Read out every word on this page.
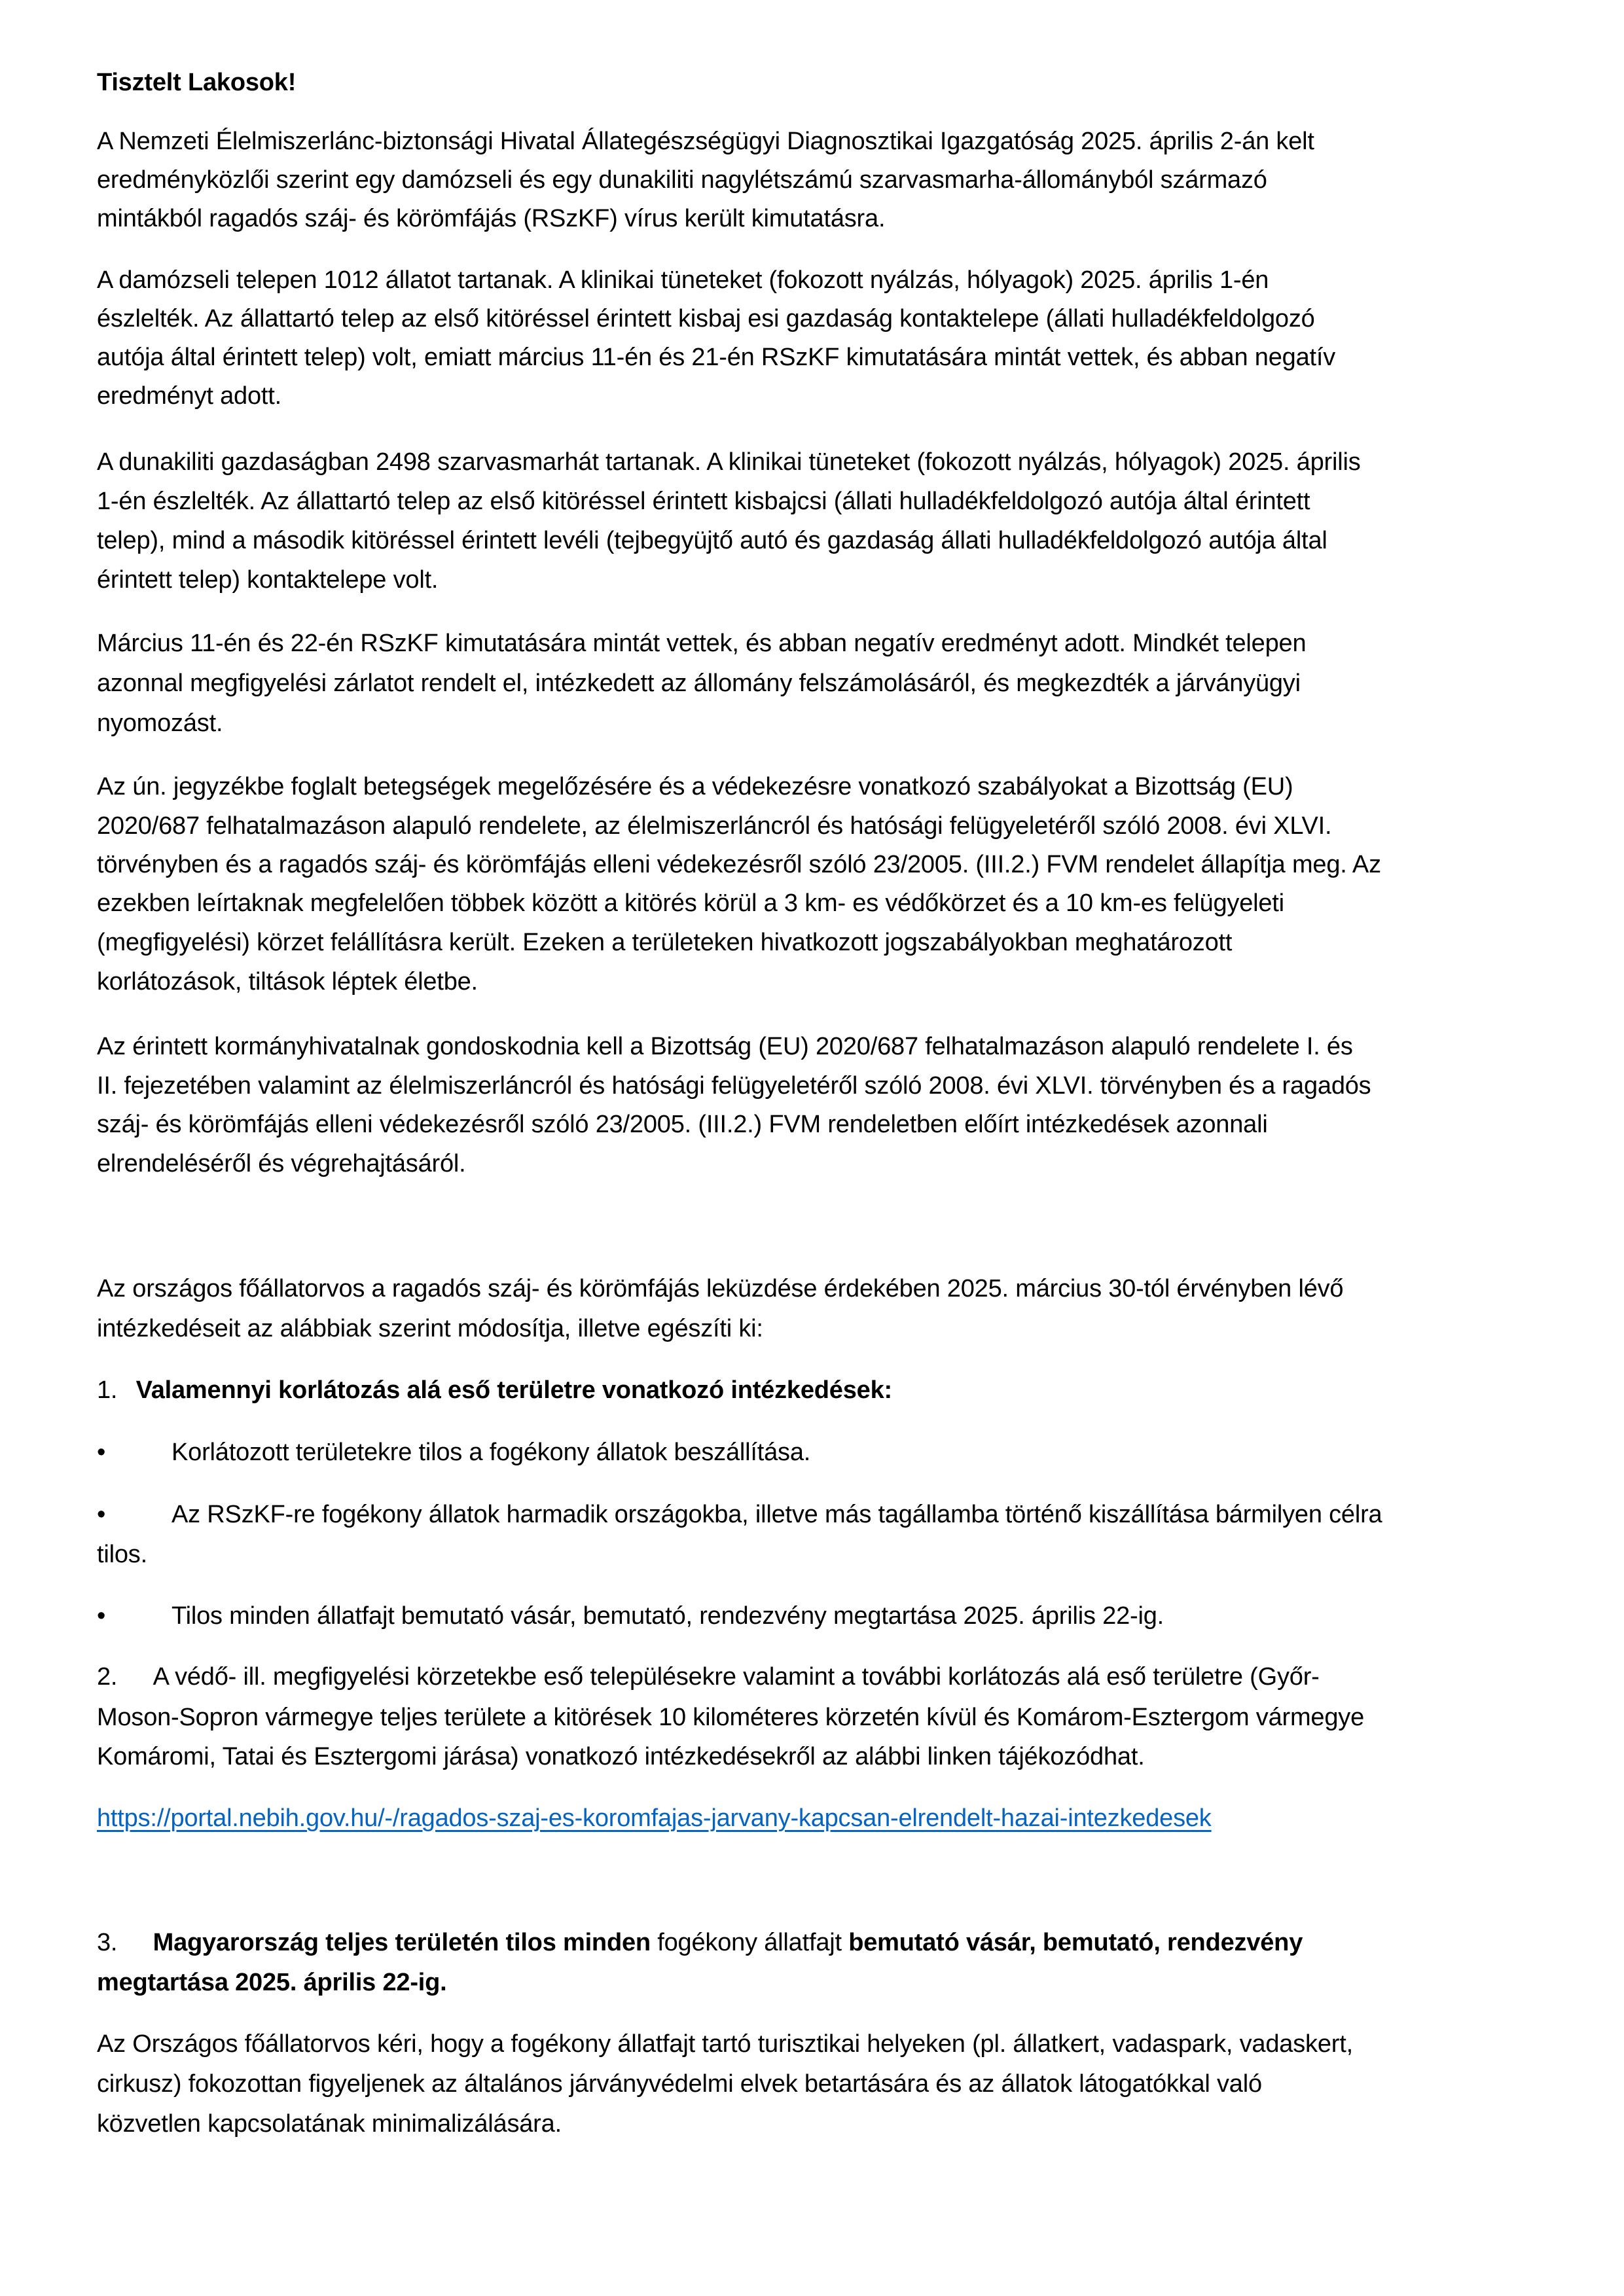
Tisztelt Lakosok!
A Nemzeti Élelmiszerlánc-biztonsági Hivatal Állategészségügyi Diagnosztikai Igazgatóság 2025. április 2-án kelt
eredményközlői szerint egy damózseli és egy dunakiliti nagylétszámú szarvasmarha-állományból származó
mintákból ragadós száj- és körömfájás (RSzKF) vírus került kimutatásra.
A damózseli telepen 1012 állatot tartanak. A klinikai tüneteket (fokozott nyálzás, hólyagok) 2025. április 1-én
észlelték. Az állattartó telep az első kitöréssel érintett kisbaj esi gazdaság kontaktelepe (állati hulladékfeldolgozó
autója által érintett telep) volt, emiatt március 11-én és 21-én RSzKF kimutatására mintát vettek, és abban negatív
eredményt adott.
A dunakiliti gazdaságban 2498 szarvasmarhát tartanak. A klinikai tüneteket (fokozott nyálzás, hólyagok) 2025. április
1-én észlelték. Az állattartó telep az első kitöréssel érintett kisbajcsi (állati hulladékfeldolgozó autója által érintett
telep), mind a második kitöréssel érintett levéli (tejbegyüjtő autó és gazdaság állati hulladékfeldolgozó autója által
érintett telep) kontaktelepe volt.
Március 11-én és 22-én RSzKF kimutatására mintát vettek, és abban negatív eredményt adott. Mindkét telepen
azonnal megfigyelési zárlatot rendelt el, intézkedett az állomány felszámolásáról, és megkezdték a járványügyi
nyomozást.
Az ún. jegyzékbe foglalt betegségek megelőzésére és a védekezésre vonatkozó szabályokat a Bizottság (EU)
2020/687 felhatalmazáson alapuló rendelete, az élelmiszerláncról és hatósági felügyeletéről szóló 2008. évi XLVI.
törvényben és a ragadós száj- és körömfájás elleni védekezésről szóló 23/2005. (III.2.) FVM rendelet állapítja meg. Az
ezekben leírtaknak megfelelően többek között a kitörés körül a 3 km- es védőkörzet és a 10 km-es felügyeleti
(megfigyelési) körzet felállításra került. Ezeken a területeken hivatkozott jogszabályokban meghatározott
korlátozások, tiltások léptek életbe.
Az érintett kormányhivatalnak gondoskodnia kell a Bizottság (EU) 2020/687 felhatalmazáson alapuló rendelete I. és
II. fejezetében valamint az élelmiszerláncról és hatósági felügyeletéről szóló 2008. évi XLVI. törvényben és a ragadós
száj- és körömfájás elleni védekezésről szóló 23/2005. (III.2.) FVM rendeletben előírt intézkedések azonnali
elrendeléséről és végrehajtásáról.
Az országos főállatorvos a ragadós száj- és körömfájás leküzdése érdekében 2025. március 30-tól érvényben lévő
intézkedéseit az alábbiak szerint módosítja, illetve egészíti ki:
1. Valamennyi korlátozás alá eső területre vonatkozó intézkedések:
•	Korlátozott területekre tilos a fogékony állatok beszállítása.
•	Az RSzKF-re fogékony állatok harmadik országokba, illetve más tagállamba történő kiszállítása bármilyen célra
tilos.
•	Tilos minden állatfajt bemutató vásár, bemutató, rendezvény megtartása 2025. április 22-ig.
2. A védő- ill. megfigyelési körzetekbe eső településekre valamint a további korlátozás alá eső területre (Győr-
Moson-Sopron vármegye teljes területe a kitörések 10 kilométeres körzetén kívül és Komárom-Esztergom vármegye
Komáromi, Tatai és Esztergomi járása) vonatkozó intézkedésekről az alábbi linken tájékozódhat.
https://portal.nebih.gov.hu/-/ragados-szaj-es-koromfajas-jarvany-kapcsan-elrendelt-hazai-intezkedesek
3. Magyarország teljes területén tilos minden fogékony állatfajt bemutató vásár, bemutató, rendezvény
megtartása 2025. április 22-ig.
Az Országos főállatorvos kéri, hogy a fogékony állatfajt tartó turisztikai helyeken (pl. állatkert, vadaspark, vadaskert,
cirkusz) fokozottan figyeljenek az általános járványvédelmi elvek betartására és az állatok látogatókkal való
közvetlen kapcsolatának minimalizálására.
